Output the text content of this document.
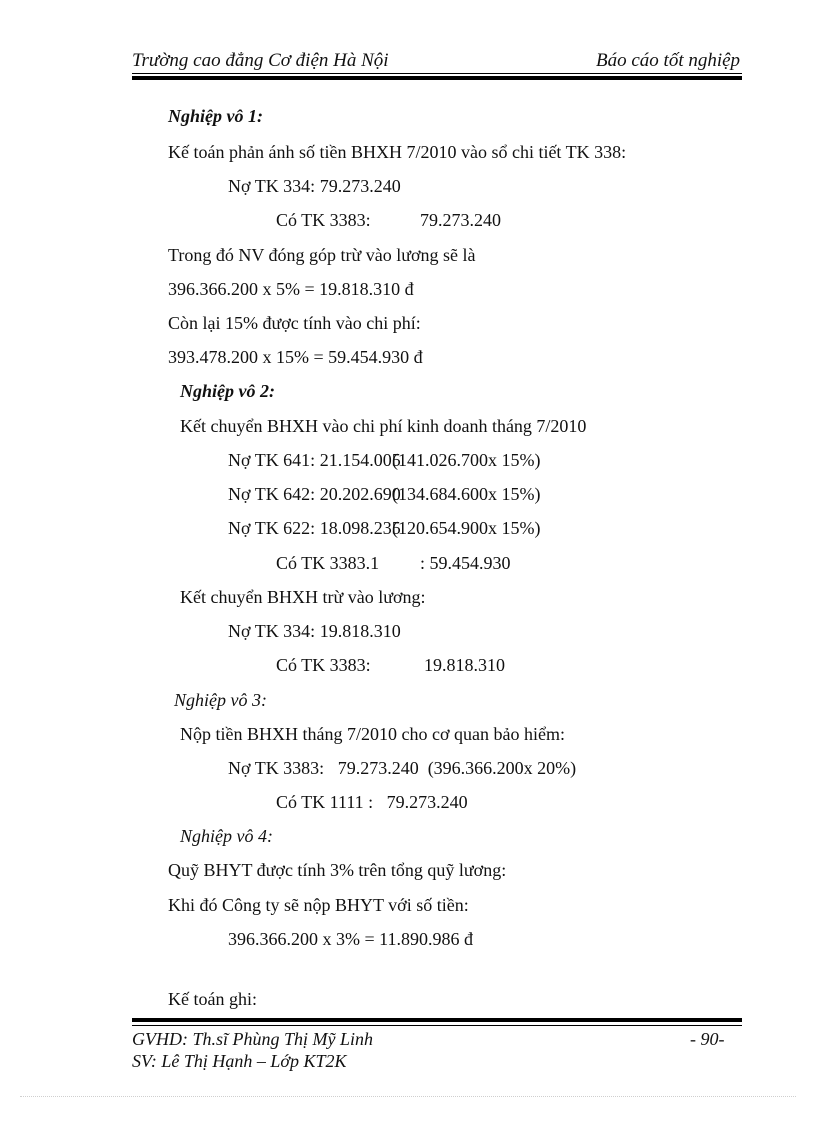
Trường cao đẳng Cơ điện Hà Nội	Báo cáo tốt nghiệp
Nghiệp vô 1:
Kế toán phản ánh số tiền BHXH 7/2010 vào sổ chi tiết TK 338:
Nợ TK 334: 79.273.240
Có TK 3383:	79.273.240
Trong đó NV đóng góp trừ vào lương sẽ là
396.366.200 x 5% = 19.818.310 đ
Còn lại 15% được tính vào chi phí:
393.478.200 x 15% = 59.454.930 đ
Nghiệp vô 2:
Kết chuyển BHXH vào chi phí kinh doanh tháng 7/2010
Nợ TK 641: 21.154.005
(141.026.700x 15%)
Nợ TK 642: 20.202.690
(134.684.600x 15%)
Nợ TK 622: 18.098.235
(120.654.900x 15%)
Có TK 3383.1 : 59.454.930
Kết chuyển BHXH trừ vào lương:
Nợ TK 334: 19.818.310
Có TK 3383:	19.818.310
Nghiệp vô 3:
Nộp tiền BHXH tháng 7/2010 cho cơ quan bảo hiểm:
Nợ TK 3383:   79.273.240  (396.366.200x 20%)
Có TK 1111 :   79.273.240
Nghiệp vô 4:
Quỹ BHYT được tính 3% trên tổng quỹ lương:
Khi đó Công ty sẽ nộp BHYT với số tiền:
396.366.200 x 3% = 11.890.986 đ
Kế toán ghi:
GVHD: Th.sĩ Phùng Thị Mỹ Linh	- 90-
SV: Lê Thị Hạnh – Lớp KT2K
